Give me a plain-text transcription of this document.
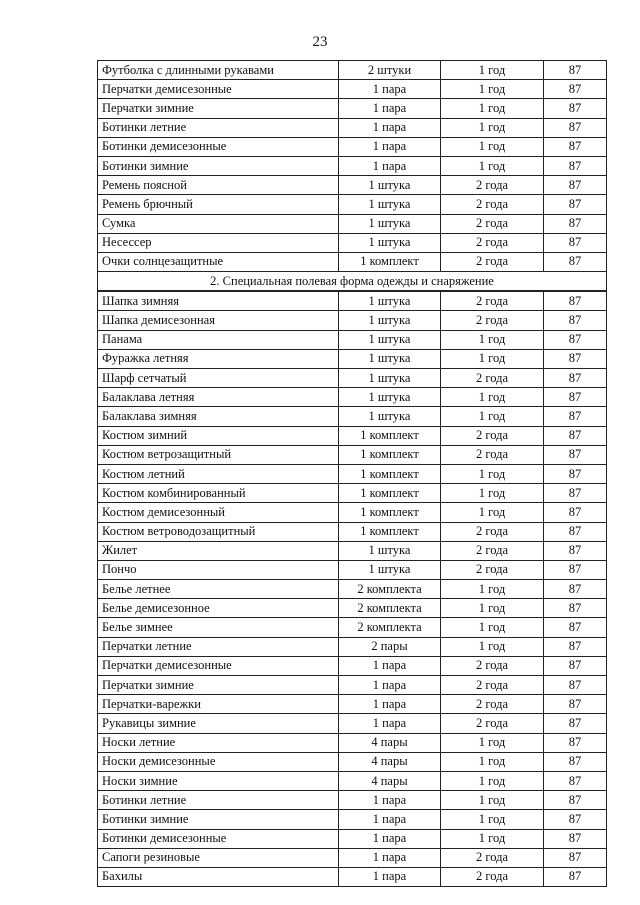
23
Футболка с длинными рукавами	2 штуки	1 год	87
Перчатки демисезонные	1 пара	1 год	87
Перчатки зимние	1 пара	1 год	87
Ботинки летние	1 пара	1 год	87
Ботинки демисезонные	1 пара	1 год	87
Ботинки зимние	1 пара	1 год	87
Ремень поясной	1 штука	2 года	87
Ремень брючный	1 штука	2 года	87
Сумка	1 штука	2 года	87
Несессер	1 штука	2 года	87
Очки солнцезащитные	1 комплект	2 года	87
2. Специальная полевая форма одежды и снаряжение			
Шапка зимняя	1 штука	2 года	87
Шапка демисезонная	1 штука	2 года	87
Панама	1 штука	1 год	87
Фуражка летняя	1 штука	1 год	87
Шарф сетчатый	1 штука	2 года	87
Балаклава летняя	1 штука	1 год	87
Балаклава зимняя	1 штука	1 год	87
Костюм зимний	1 комплект	2 года	87
Костюм ветрозащитный	1 комплект	2 года	87
Костюм летний	1 комплект	1 год	87
Костюм комбинированный	1 комплект	1 год	87
Костюм демисезонный	1 комплект	1 год	87
Костюм ветроводозащитный	1 комплект	2 года	87
Жилет	1 штука	2 года	87
Пончо	1 штука	2 года	87
Белье летнее	2 комплекта	1 год	87
Белье демисезонное	2 комплекта	1 год	87
Белье зимнее	2 комплекта	1 год	87
Перчатки летние	2 пары	1 год	87
Перчатки демисезонные	1 пара	2 года	87
Перчатки зимние	1 пара	2 года	87
Перчатки-варежки	1 пара	2 года	87
Рукавицы зимние	1 пара	2 года	87
Носки летние	4 пары	1 год	87
Носки демисезонные	4 пары	1 год	87
Носки зимние	4 пары	1 год	87
Ботинки летние	1 пара	1 год	87
Ботинки зимние	1 пара	1 год	87
Ботинки демисезонные	1 пара	1 год	87
Сапоги резиновые	1 пара	2 года	87
Бахилы	1 пара	2 года	87
